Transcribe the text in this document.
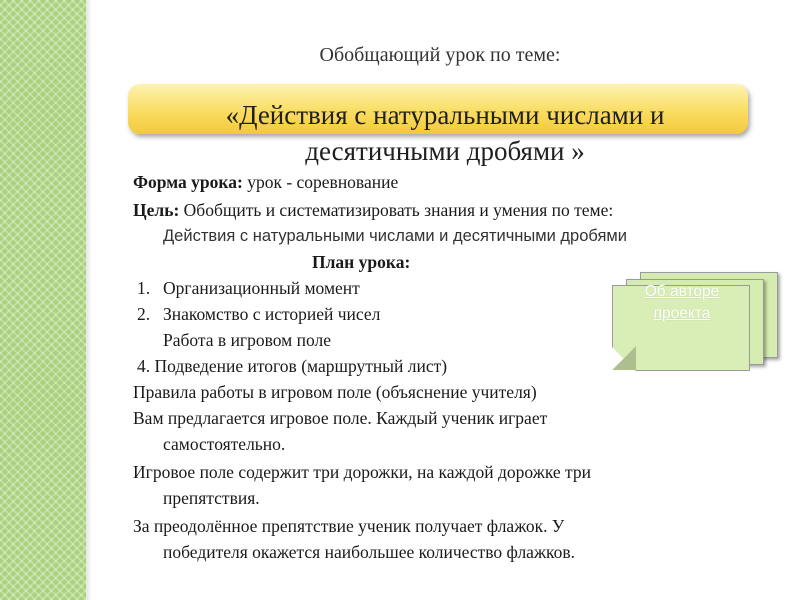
Обобщающий урок по теме:
«Действия с натуральными числами и
десятичными дробями »
Форма урока: урок - соревнование
Цель: Обобщить и систематизировать знания и умения по теме:
Действия с натуральными числами и десятичными дробями
План урока:
1. Организационный момент
2. Знакомство с историей чисел
Работа в игровом поле
4. Подведение итогов (маршрутный лист)
Правила работы в игровом поле (объяснение учителя)
Вам предлагается игровое поле. Каждый ученик играет
самостоятельно.
Игровое поле содержит три дорожки, на каждой дорожке три
препятствия.
За преодолённое препятствие ученик получает флажок. У
победителя окажется наибольшее количество флажков.
Об авторе
проекта
